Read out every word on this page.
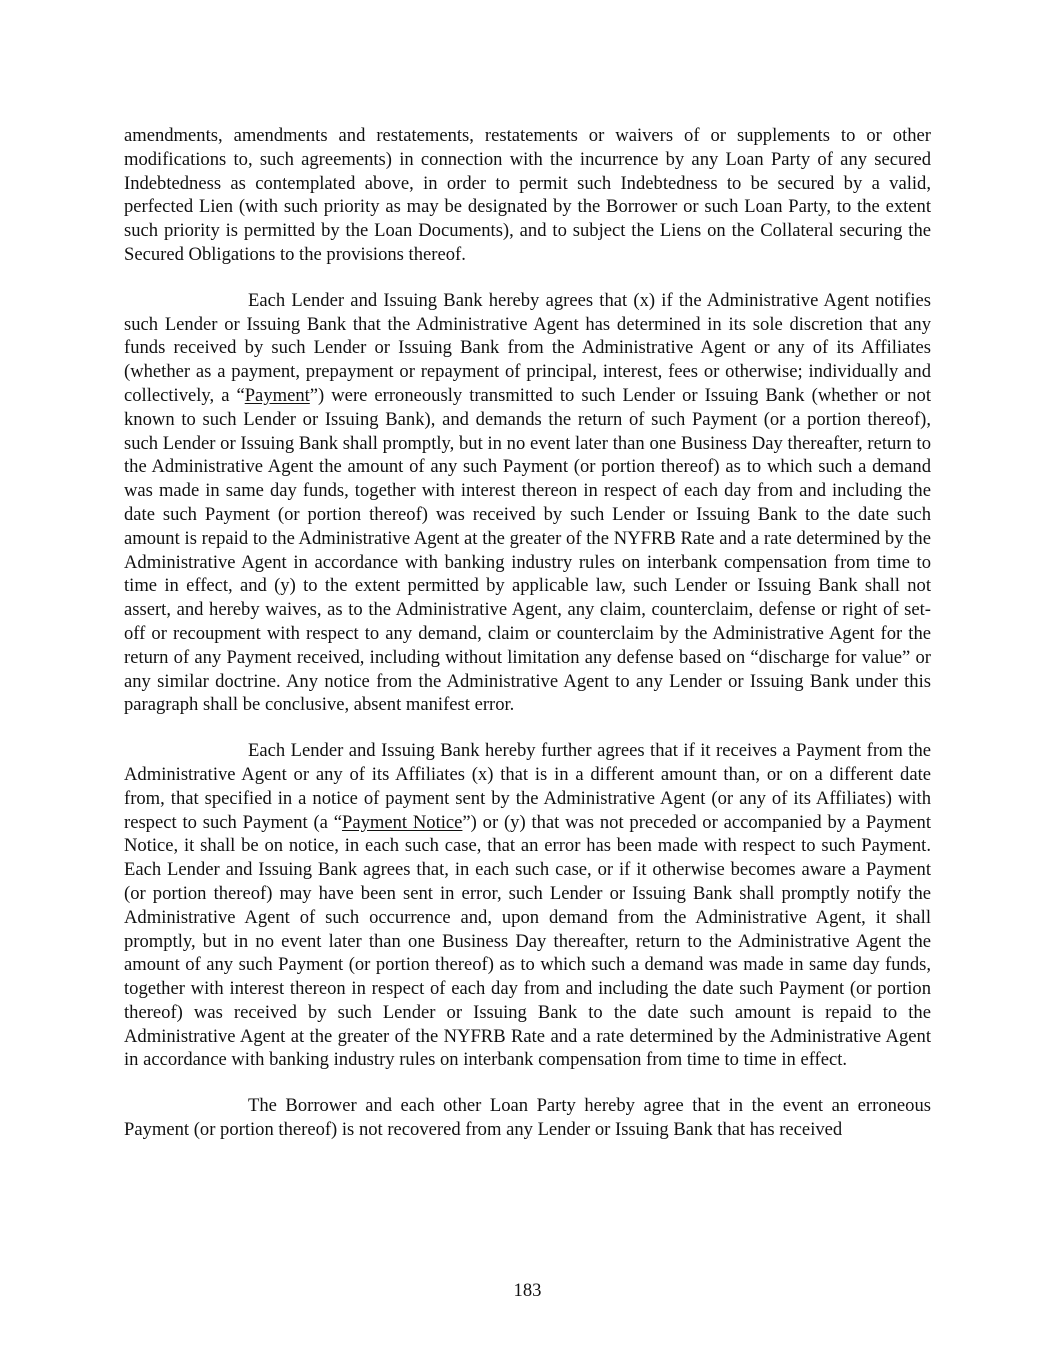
amendments, amendments and restatements, restatements or waivers of or supplements to or other modifications to, such agreements) in connection with the incurrence by any Loan Party of any secured Indebtedness as contemplated above, in order to permit such Indebtedness to be secured by a valid, perfected Lien (with such priority as may be designated by the Borrower or such Loan Party, to the extent such priority is permitted by the Loan Documents), and to subject the Liens on the Collateral securing the Secured Obligations to the provisions thereof.

Each Lender and Issuing Bank hereby agrees that (x) if the Administrative Agent notifies such Lender or Issuing Bank that the Administrative Agent has determined in its sole discretion that any funds received by such Lender or Issuing Bank from the Administrative Agent or any of its Affiliates (whether as a payment, prepayment or repayment of principal, interest, fees or otherwise; individually and collectively, a “Payment”) were erroneously transmitted to such Lender or Issuing Bank (whether or not known to such Lender or Issuing Bank), and demands the return of such Payment (or a portion thereof), such Lender or Issuing Bank shall promptly, but in no event later than one Business Day thereafter, return to the Administrative Agent the amount of any such Payment (or portion thereof) as to which such a demand was made in same day funds, together with interest thereon in respect of each day from and including the date such Payment (or portion thereof) was received by such Lender or Issuing Bank to the date such amount is repaid to the Administrative Agent at the greater of the NYFRB Rate and a rate determined by the Administrative Agent in accordance with banking industry rules on interbank compensation from time to time in effect, and (y) to the extent permitted by applicable law, such Lender or Issuing Bank shall not assert, and hereby waives, as to the Administrative Agent, any claim, counterclaim, defense or right of set-off or recoupment with respect to any demand, claim or counterclaim by the Administrative Agent for the return of any Payment received, including without limitation any defense based on “discharge for value” or any similar doctrine. Any notice from the Administrative Agent to any Lender or Issuing Bank under this paragraph shall be conclusive, absent manifest error.

Each Lender and Issuing Bank hereby further agrees that if it receives a Payment from the Administrative Agent or any of its Affiliates (x) that is in a different amount than, or on a different date from, that specified in a notice of payment sent by the Administrative Agent (or any of its Affiliates) with respect to such Payment (a “Payment Notice”) or (y) that was not preceded or accompanied by a Payment Notice, it shall be on notice, in each such case, that an error has been made with respect to such Payment. Each Lender and Issuing Bank agrees that, in each such case, or if it otherwise becomes aware a Payment (or portion thereof) may have been sent in error, such Lender or Issuing Bank shall promptly notify the Administrative Agent of such occurrence and, upon demand from the Administrative Agent, it shall promptly, but in no event later than one Business Day thereafter, return to the Administrative Agent the amount of any such Payment (or portion thereof) as to which such a demand was made in same day funds, together with interest thereon in respect of each day from and including the date such Payment (or portion thereof) was received by such Lender or Issuing Bank to the date such amount is repaid to the Administrative Agent at the greater of the NYFRB Rate and a rate determined by the Administrative Agent in accordance with banking industry rules on interbank compensation from time to time in effect.

The Borrower and each other Loan Party hereby agree that in the event an erroneous Payment (or portion thereof) is not recovered from any Lender or Issuing Bank that has received

183
